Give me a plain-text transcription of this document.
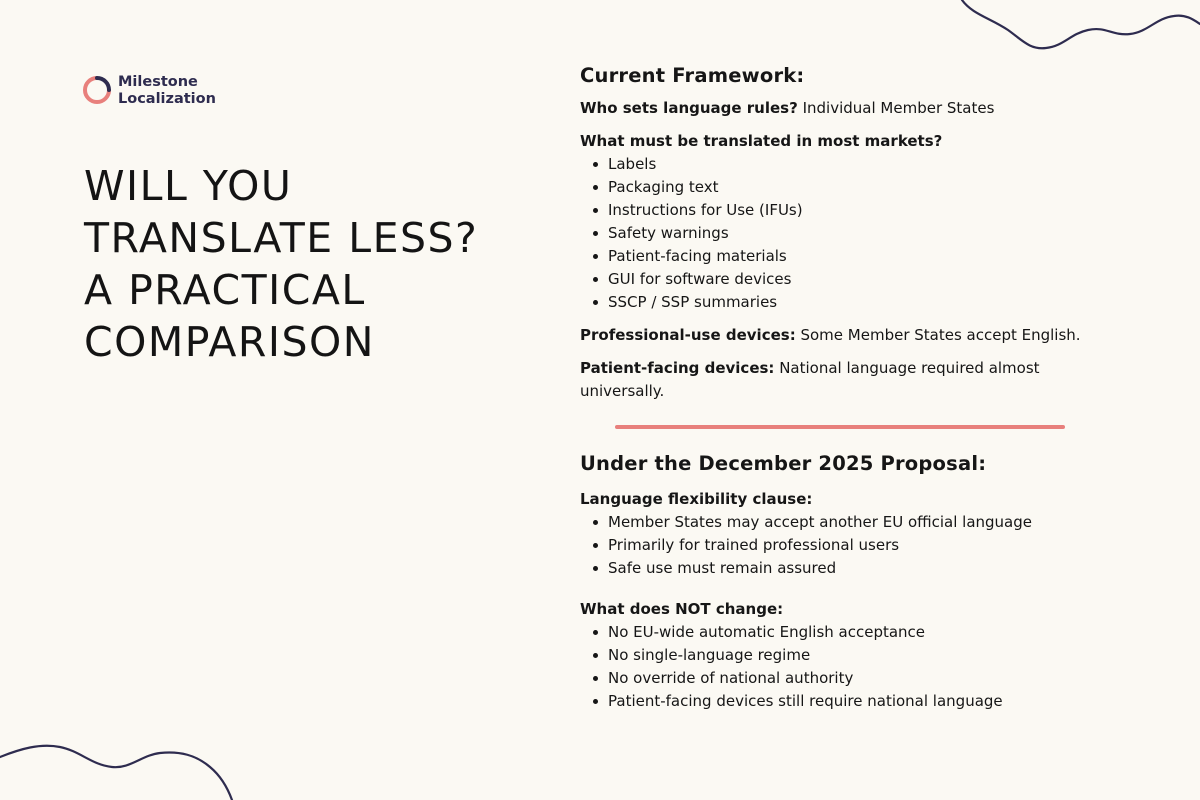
Milestone
Localization
WILL YOU
TRANSLATE LESS?
A PRACTICAL
COMPARISON
Current Framework:

Who sets language rules? Individual Member States

What must be translated in most markets?

Labels
Packaging text
Instructions for Use (IFUs)
Safety warnings
Patient-facing materials
GUI for software devices
SSCP / SSP summaries

Professional-use devices: Some Member States accept English.

Patient-facing devices: National language required almost universally.

Under the December 2025 Proposal:

Language flexibility clause:

Member States may accept another EU official language
Primarily for trained professional users
Safe use must remain assured

What does NOT change:

No EU-wide automatic English acceptance
No single-language regime
No override of national authority
Patient-facing devices still require national language
